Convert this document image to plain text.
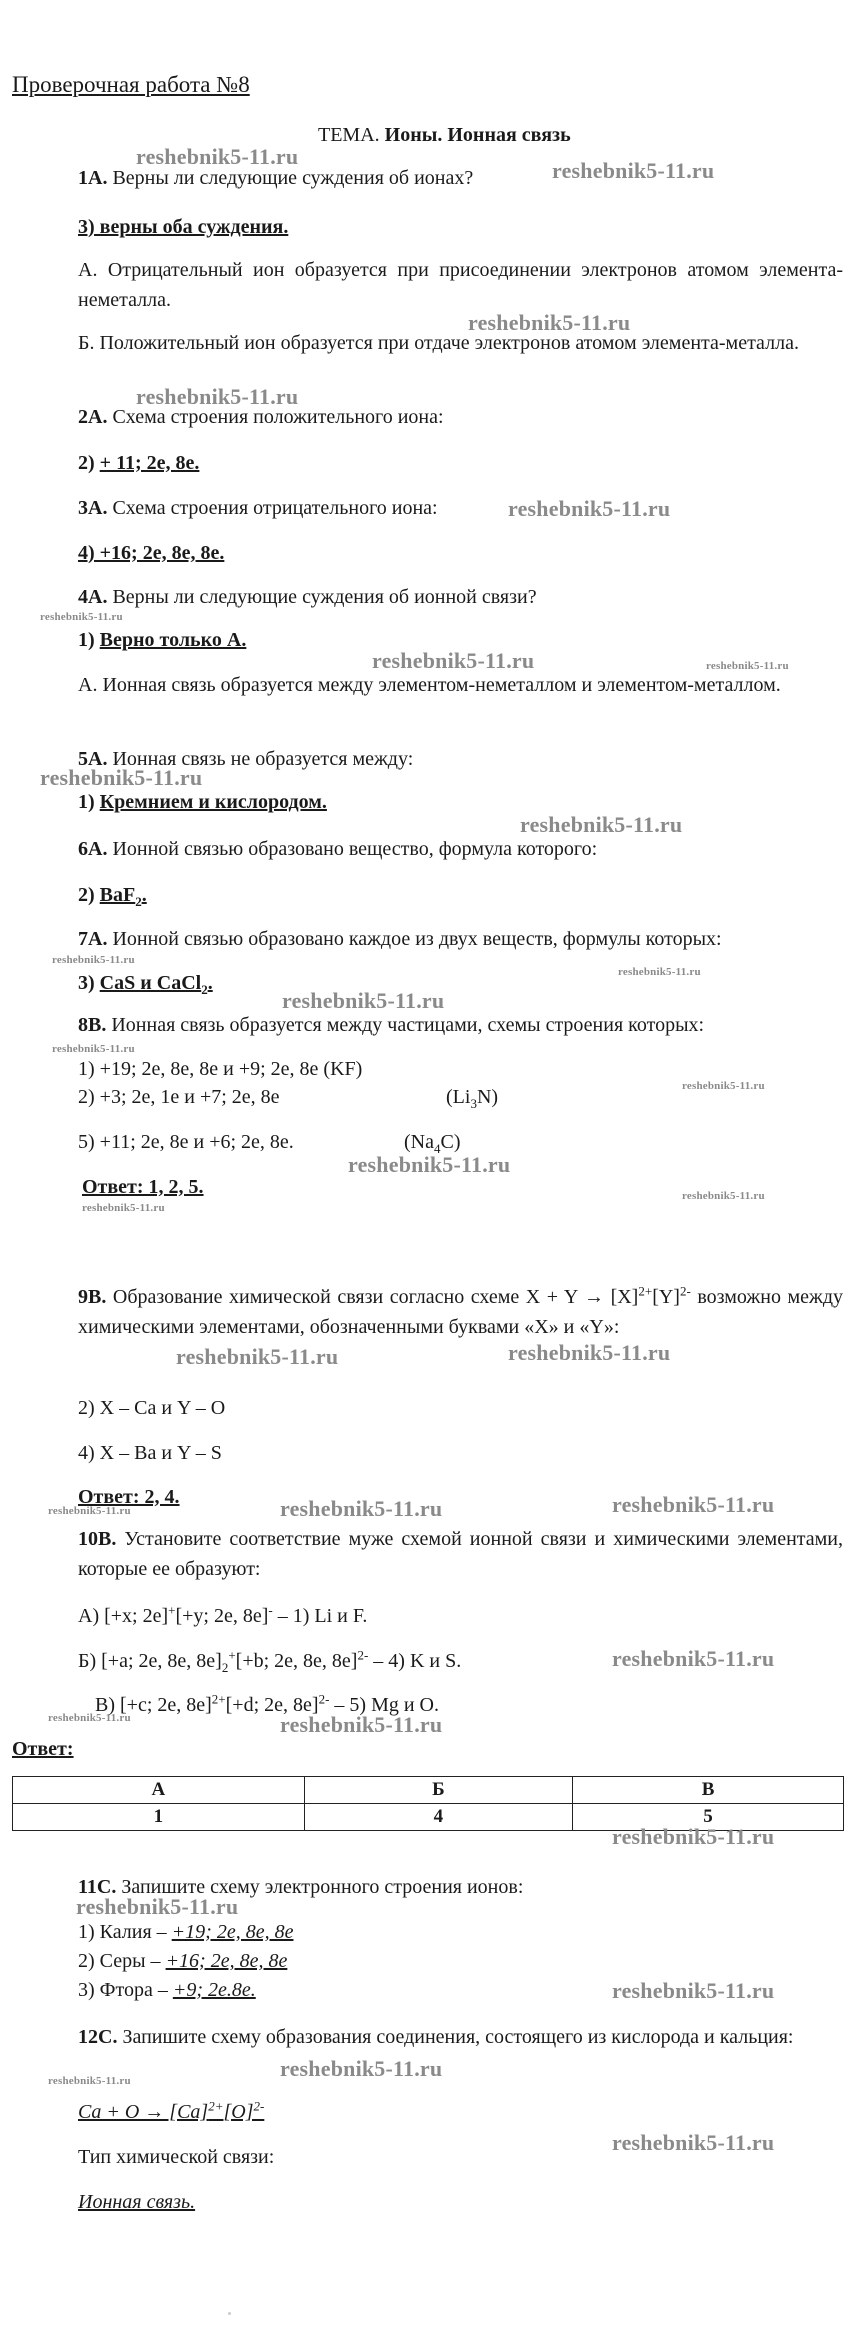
Проверочная работа №8
ТЕМА. Ионы. Ионная связь
1А. Верны ли следующие суждения об ионах?
3) верны оба суждения.
А. Отрицательный ион образуется при присоединении электронов атомом элемента-неметалла.
Б. Положительный ион образуется при отдаче электронов атомом элемента-металла.
2А. Схема строения положительного иона:
2) + 11; 2е, 8е.
3А. Схема строения отрицательного иона:
4) +16; 2е, 8е, 8е.
4А. Верны ли следующие суждения об ионной связи?
1) Верно только А.
А. Ионная связь образуется между элементом-неметаллом и элементом-металлом.
5А. Ионная связь не образуется между:
1) Кремнием и кислородом.
6А. Ионной связью образовано вещество, формула которого:
2) BaF$_2$.
7А. Ионной связью образовано каждое из двух веществ, формулы которых:
3) CaS и CaCl$_2$.
8В. Ионная связь образуется между частицами, схемы строения которых:
1) +19; 2е, 8е, 8е и +9; 2е, 8е (KF)
2) +3; 2е, 1е и +7; 2е, 8е	$(Li_3N)$
5) +11; 2е, 8е и +6; 2е, 8е.	$(Na_4C)$
Ответ: 1, 2, 5.
9В. Образование химической связи согласно схеме $X + Y \to [X]^{2+}[Y]^{2-}$ возможно между химическими элементами, обозначенными буквами «X» и «Y»:
2) X – Ca и Y – O
4) X – Ba и Y – S
Ответ: 2, 4.
10В. Установите соответствие муже схемой ионной связи и химическими элементами, которые ее образуют:
А) [+x; 2е]+[+y; 2е, 8е]- – 1) Li и F.
Б) [+a; 2е, 8е, $8е]_2^+[+b$; 2е, 8е, 8е]$^{2-}$ – 4) K и S.
В) [+c; 2е, 8е]$^{2+}$[+d; 2е, 8е]$^{2-}$ – 5) Mg и O.
Ответ:
А	Б	В
1	4	5
11С. Запишите схему электронного строения ионов:
1) Калия – +19; 2е, 8е, 8е
2) Серы – +16; 2е, 8е, 8е
3) Фтора – +9; 2е.8е.
12С. Запишите схему образования соединения, состоящего из кислорода и кальция:
$Ca + O \to [Ca]^{2+}[O]^{2-}$
Тип химической связи:
Ионная связь.
reshebnik5-11.ru
reshebnik5-11.ru
reshebnik5-11.ru
reshebnik5-11.ru
reshebnik5-11.ru
reshebnik5-11.ru
reshebnik5-11.ru	reshebnik5-11.ru
reshebnik5-11.ru
reshebnik5-11.ru
reshebnik5-11.ru
reshebnik5-11.ru
reshebnik5-11.ru
reshebnik5-11.ru
reshebnik5-11.ru
reshebnik5-11.ru
reshebnik5-11.ru
reshebnik5-11.ru
reshebnik5-11.ru	reshebnik5-11.ru
reshebnik5-11.ru	reshebnik5-11.ru	reshebnik5-11.ru
reshebnik5-11.ru
reshebnik5-11.ru	reshebnik5-11.ru
reshebnik5-11.ru
reshebnik5-11.ru
reshebnik5-11.ru
reshebnik5-11.ru
reshebnik5-11.ru
reshebnik5-11.ru
